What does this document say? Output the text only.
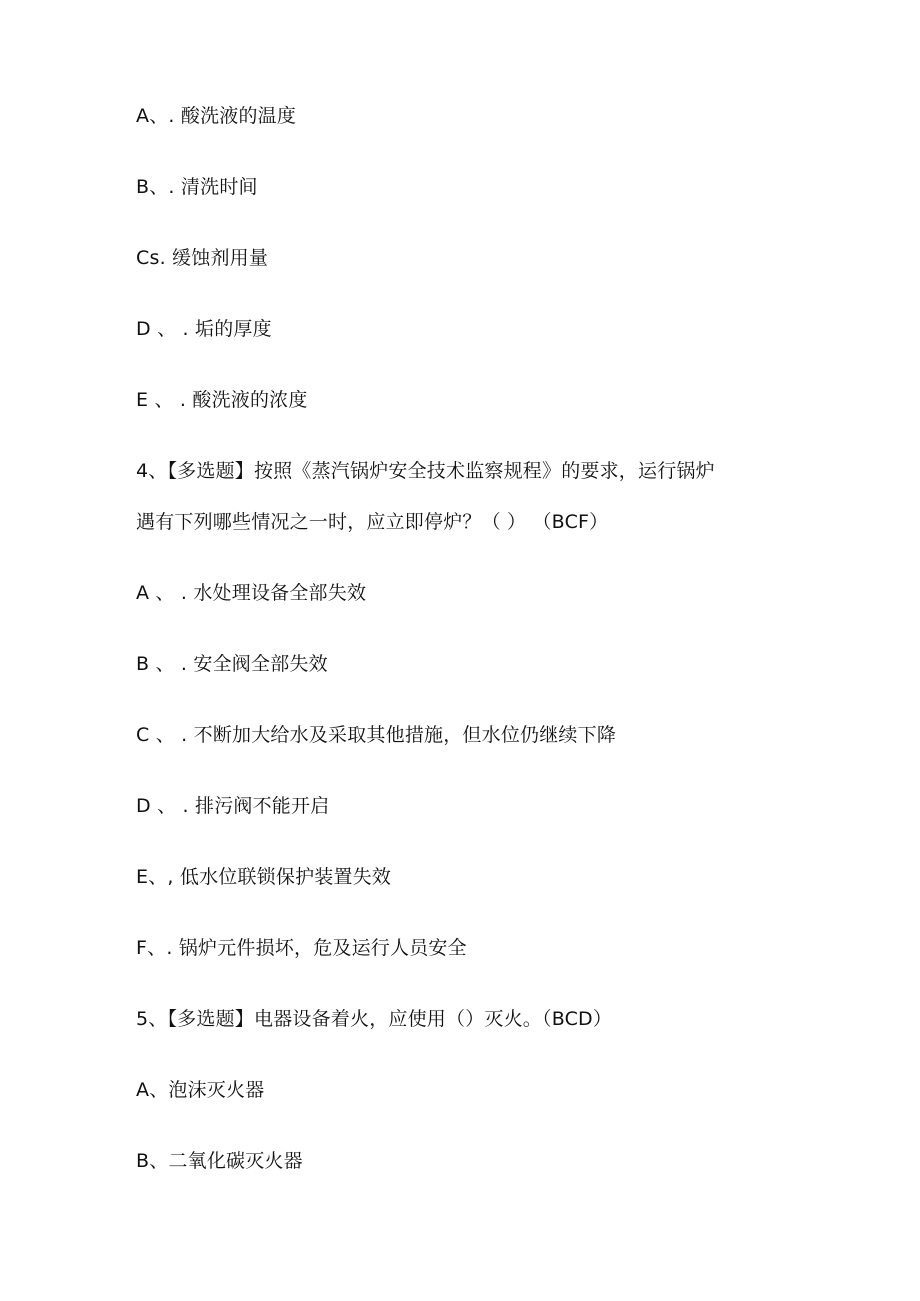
A、. 酸洗液的温度
B、. 清洗时间
Cs. 缓蚀剂用量
D 、 . 垢的厚度
E 、 . 酸洗液的浓度
4、【多选题】按照《蒸汽锅炉安全技术监察规程》的要求，运行锅炉
遇有下列哪些情况之一时，应立即停炉？（ ） （BCF）
A 、 . 水处理设备全部失效
B 、 . 安全阀全部失效
C 、 . 不断加大给水及采取其他措施，但水位仍继续下降
D 、 . 排污阀不能开启
E、, 低水位联锁保护装置失效
F、. 锅炉元件损坏，危及运行人员安全
5、【多选题】电器设备着火，应使用（）灭火。（BCD）
A、泡沫灭火器
B、二氧化碳灭火器
